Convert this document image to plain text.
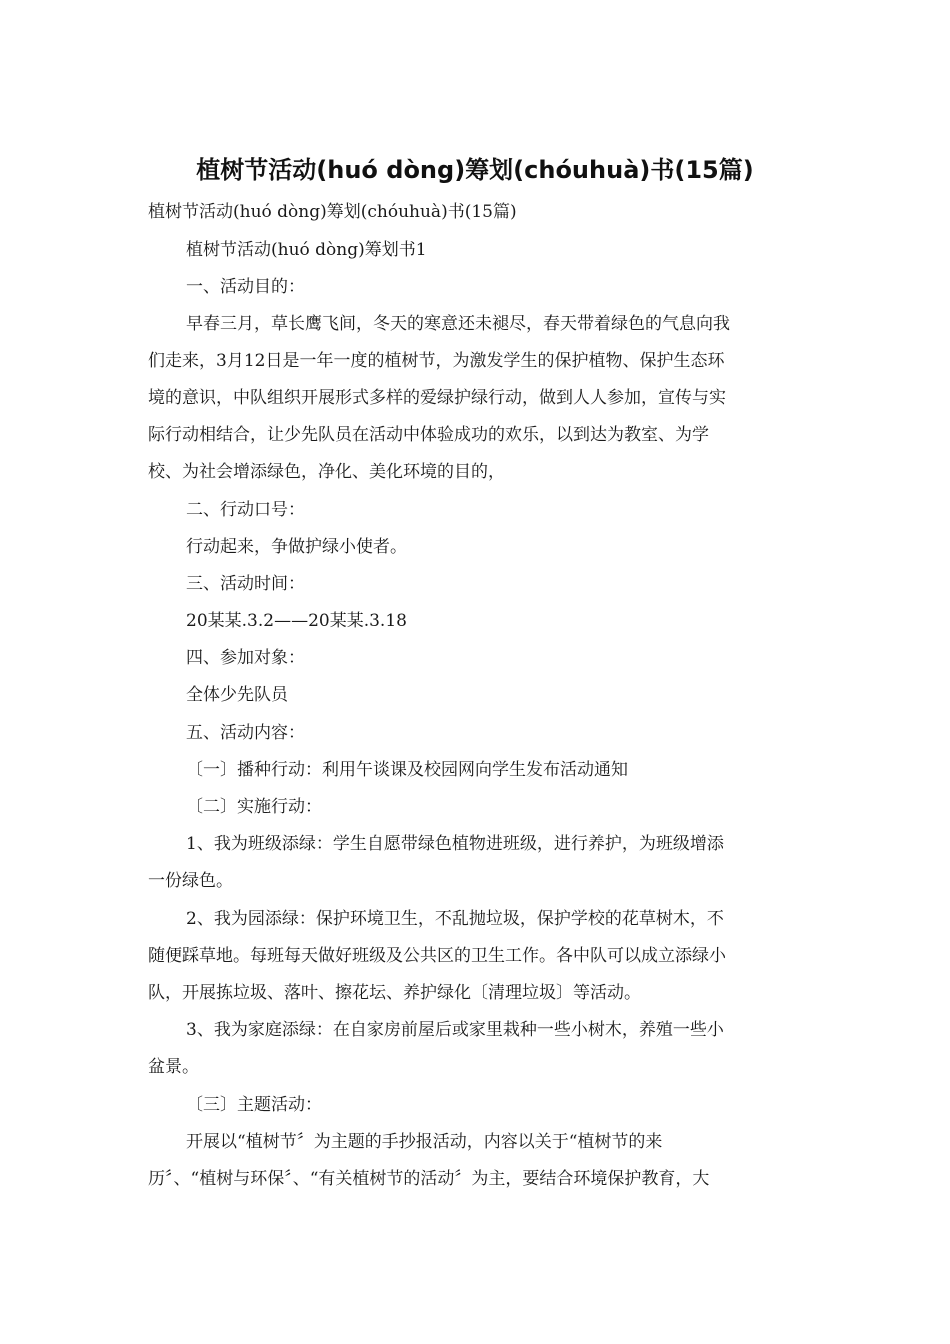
植树节活动(huó dòng)筹划(chóuhuà)书(15篇)
植树节活动(huó dòng)筹划(chóuhuà)书(15篇)
植树节活动(huó dòng)筹划书1
一、活动目的：
早春三月，草长鹰飞间，冬天的寒意还未褪尽，春天带着绿色的气息向我
们走来，3月12日是一年一度的植树节，为激发学生的保护植物、保护生态环
境的意识，中队组织开展形式多样的爱绿护绿行动，做到人人参加，宣传与实
际行动相结合，让少先队员在活动中体验成功的欢乐，以到达为教室、为学
校、为社会增添绿色，净化、美化环境的目的，
二、行动口号：
行动起来，争做护绿小使者。
三、活动时间：
20某某.3.2——20某某.3.18
四、参加对象：
全体少先队员
五、活动内容：
〔一〕播种行动：利用午谈课及校园网向学生发布活动通知
〔二〕实施行动：
1、我为班级添绿：学生自愿带绿色植物进班级，进行养护，为班级增添
一份绿色。
2、我为园添绿：保护环境卫生，不乱抛垃圾，保护学校的花草树木，不
随便踩草地。每班每天做好班级及公共区的卫生工作。各中队可以成立添绿小
队，开展拣垃圾、落叶、擦花坛、养护绿化〔清理垃圾〕等活动。
3、我为家庭添绿：在自家房前屋后或家里栽种一些小树木，养殖一些小
盆景。
〔三〕主题活动：
开展以“植树节〞为主题的手抄报活动，内容以关于“植树节的来
历〞、“植树与环保〞、“有关植树节的活动〞为主，要结合环境保护教育，大
